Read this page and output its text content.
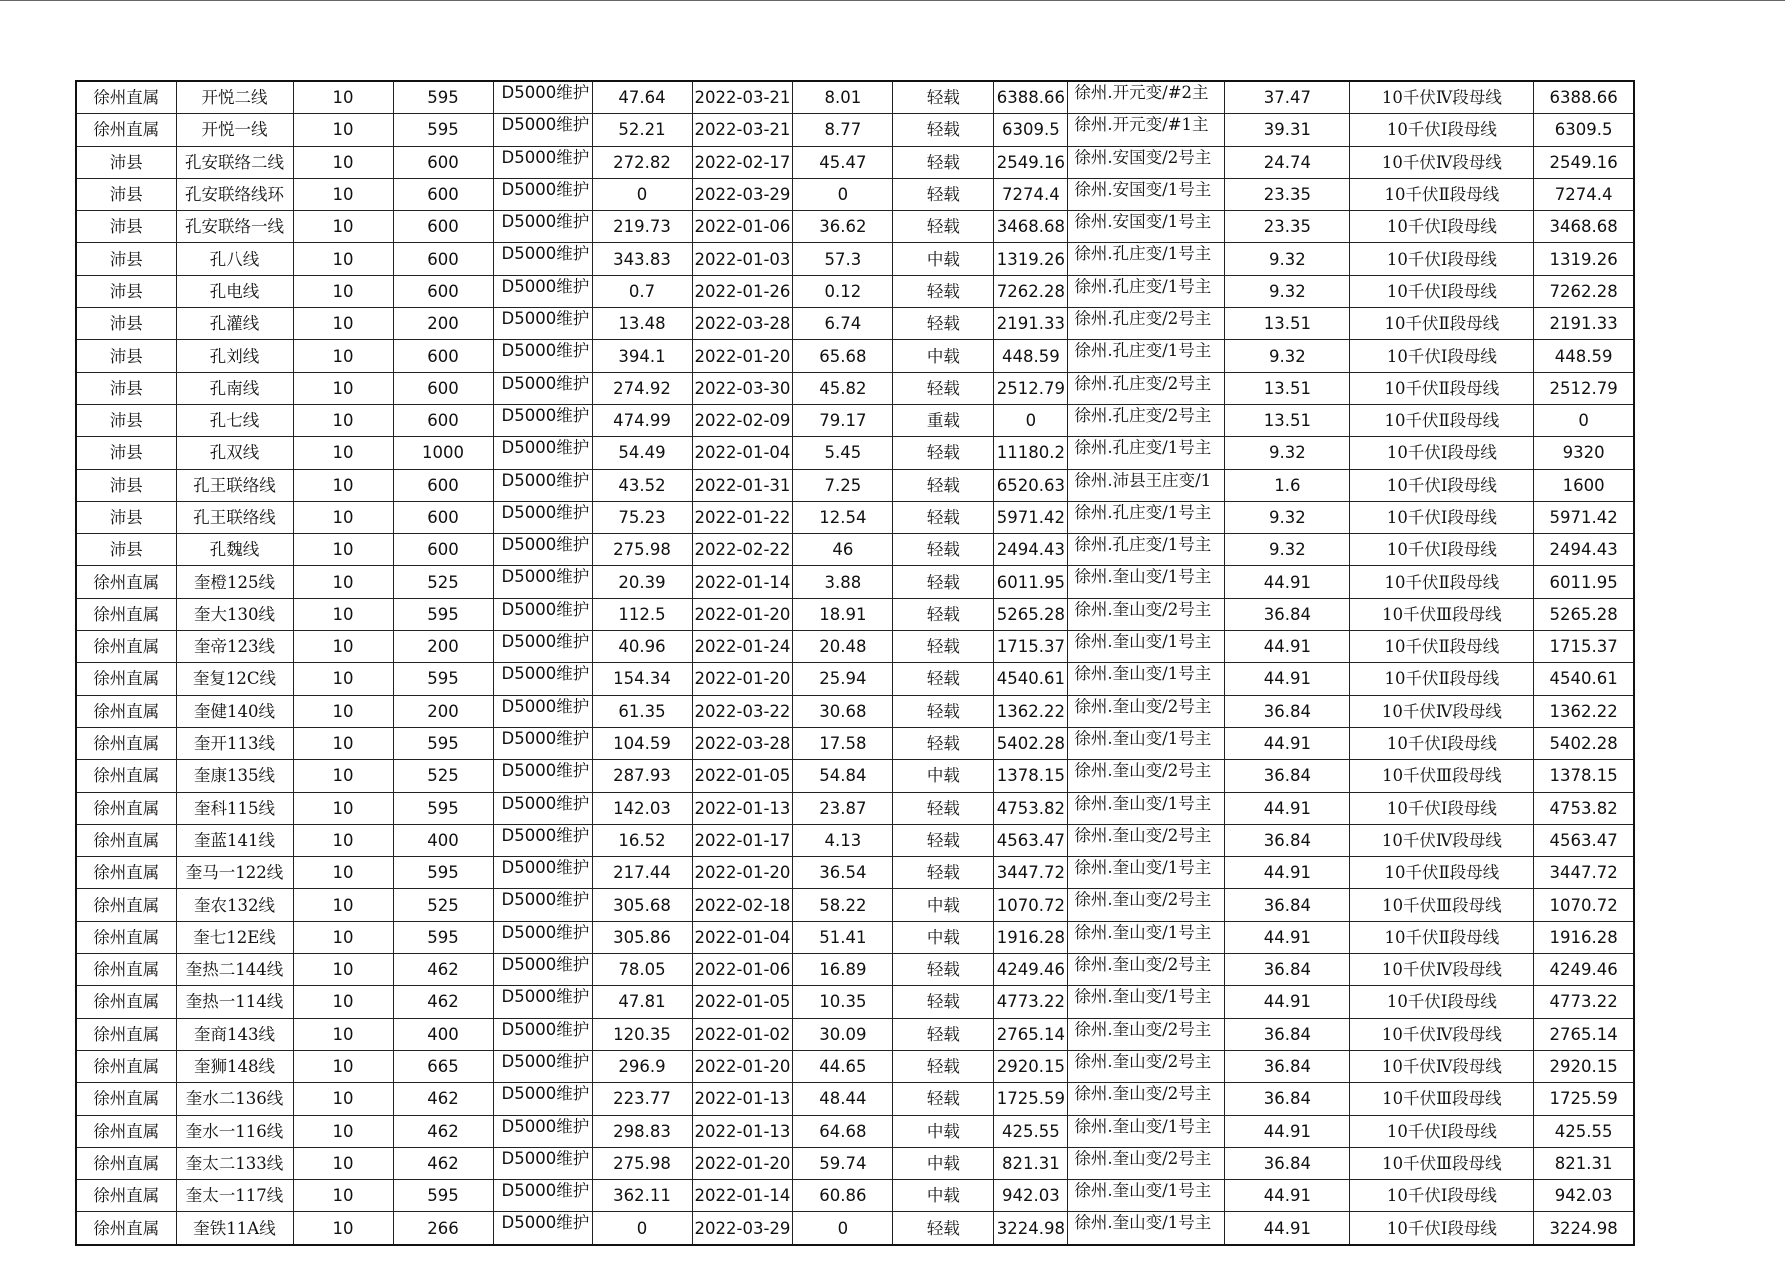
徐州直属	开悦二线	10	595	D5000维护	47.64	2022-03-21	8.01	轻载	6388.66	徐州.开元变/#2主	37.47	10千伏Ⅳ段母线	6388.66
徐州直属	开悦一线	10	595	D5000维护	52.21	2022-03-21	8.77	轻载	6309.5	徐州.开元变/#1主	39.31	10千伏Ⅰ段母线	6309.5
沛县	孔安联络二线	10	600	D5000维护	272.82	2022-02-17	45.47	轻载	2549.16	徐州.安国变/2号主	24.74	10千伏Ⅳ段母线	2549.16
沛县	孔安联络线环	10	600	D5000维护	0	2022-03-29	0	轻载	7274.4	徐州.安国变/1号主	23.35	10千伏Ⅱ段母线	7274.4
沛县	孔安联络一线	10	600	D5000维护	219.73	2022-01-06	36.62	轻载	3468.68	徐州.安国变/1号主	23.35	10千伏Ⅰ段母线	3468.68
沛县	孔八线	10	600	D5000维护	343.83	2022-01-03	57.3	中载	1319.26	徐州.孔庄变/1号主	9.32	10千伏Ⅰ段母线	1319.26
沛县	孔电线	10	600	D5000维护	0.7	2022-01-26	0.12	轻载	7262.28	徐州.孔庄变/1号主	9.32	10千伏Ⅰ段母线	7262.28
沛县	孔灌线	10	200	D5000维护	13.48	2022-03-28	6.74	轻载	2191.33	徐州.孔庄变/2号主	13.51	10千伏Ⅱ段母线	2191.33
沛县	孔刘线	10	600	D5000维护	394.1	2022-01-20	65.68	中载	448.59	徐州.孔庄变/1号主	9.32	10千伏Ⅰ段母线	448.59
沛县	孔南线	10	600	D5000维护	274.92	2022-03-30	45.82	轻载	2512.79	徐州.孔庄变/2号主	13.51	10千伏Ⅱ段母线	2512.79
沛县	孔七线	10	600	D5000维护	474.99	2022-02-09	79.17	重载	0	徐州.孔庄变/2号主	13.51	10千伏Ⅱ段母线	0
沛县	孔双线	10	1000	D5000维护	54.49	2022-01-04	5.45	轻载	11180.2	徐州.孔庄变/1号主	9.32	10千伏Ⅰ段母线	9320
沛县	孔王联络线	10	600	D5000维护	43.52	2022-01-31	7.25	轻载	6520.63	徐州.沛县王庄变/1	1.6	10千伏Ⅰ段母线	1600
沛县	孔王联络线	10	600	D5000维护	75.23	2022-01-22	12.54	轻载	5971.42	徐州.孔庄变/1号主	9.32	10千伏Ⅰ段母线	5971.42
沛县	孔魏线	10	600	D5000维护	275.98	2022-02-22	46	轻载	2494.43	徐州.孔庄变/1号主	9.32	10千伏Ⅰ段母线	2494.43
徐州直属	奎橙125线	10	525	D5000维护	20.39	2022-01-14	3.88	轻载	6011.95	徐州.奎山变/1号主	44.91	10千伏Ⅱ段母线	6011.95
徐州直属	奎大130线	10	595	D5000维护	112.5	2022-01-20	18.91	轻载	5265.28	徐州.奎山变/2号主	36.84	10千伏Ⅲ段母线	5265.28
徐州直属	奎帝123线	10	200	D5000维护	40.96	2022-01-24	20.48	轻载	1715.37	徐州.奎山变/1号主	44.91	10千伏Ⅱ段母线	1715.37
徐州直属	奎复12C线	10	595	D5000维护	154.34	2022-01-20	25.94	轻载	4540.61	徐州.奎山变/1号主	44.91	10千伏Ⅱ段母线	4540.61
徐州直属	奎健140线	10	200	D5000维护	61.35	2022-03-22	30.68	轻载	1362.22	徐州.奎山变/2号主	36.84	10千伏Ⅳ段母线	1362.22
徐州直属	奎开113线	10	595	D5000维护	104.59	2022-03-28	17.58	轻载	5402.28	徐州.奎山变/1号主	44.91	10千伏Ⅰ段母线	5402.28
徐州直属	奎康135线	10	525	D5000维护	287.93	2022-01-05	54.84	中载	1378.15	徐州.奎山变/2号主	36.84	10千伏Ⅲ段母线	1378.15
徐州直属	奎科115线	10	595	D5000维护	142.03	2022-01-13	23.87	轻载	4753.82	徐州.奎山变/1号主	44.91	10千伏Ⅰ段母线	4753.82
徐州直属	奎蓝141线	10	400	D5000维护	16.52	2022-01-17	4.13	轻载	4563.47	徐州.奎山变/2号主	36.84	10千伏Ⅳ段母线	4563.47
徐州直属	奎马一122线	10	595	D5000维护	217.44	2022-01-20	36.54	轻载	3447.72	徐州.奎山变/1号主	44.91	10千伏Ⅱ段母线	3447.72
徐州直属	奎农132线	10	525	D5000维护	305.68	2022-02-18	58.22	中载	1070.72	徐州.奎山变/2号主	36.84	10千伏Ⅲ段母线	1070.72
徐州直属	奎七12E线	10	595	D5000维护	305.86	2022-01-04	51.41	中载	1916.28	徐州.奎山变/1号主	44.91	10千伏Ⅱ段母线	1916.28
徐州直属	奎热二144线	10	462	D5000维护	78.05	2022-01-06	16.89	轻载	4249.46	徐州.奎山变/2号主	36.84	10千伏Ⅳ段母线	4249.46
徐州直属	奎热一114线	10	462	D5000维护	47.81	2022-01-05	10.35	轻载	4773.22	徐州.奎山变/1号主	44.91	10千伏Ⅰ段母线	4773.22
徐州直属	奎商143线	10	400	D5000维护	120.35	2022-01-02	30.09	轻载	2765.14	徐州.奎山变/2号主	36.84	10千伏Ⅳ段母线	2765.14
徐州直属	奎狮148线	10	665	D5000维护	296.9	2022-01-20	44.65	轻载	2920.15	徐州.奎山变/2号主	36.84	10千伏Ⅳ段母线	2920.15
徐州直属	奎水二136线	10	462	D5000维护	223.77	2022-01-13	48.44	轻载	1725.59	徐州.奎山变/2号主	36.84	10千伏Ⅲ段母线	1725.59
徐州直属	奎水一116线	10	462	D5000维护	298.83	2022-01-13	64.68	中载	425.55	徐州.奎山变/1号主	44.91	10千伏Ⅰ段母线	425.55
徐州直属	奎太二133线	10	462	D5000维护	275.98	2022-01-20	59.74	中载	821.31	徐州.奎山变/2号主	36.84	10千伏Ⅲ段母线	821.31
徐州直属	奎太一117线	10	595	D5000维护	362.11	2022-01-14	60.86	中载	942.03	徐州.奎山变/1号主	44.91	10千伏Ⅰ段母线	942.03
徐州直属	奎铁11A线	10	266	D5000维护	0	2022-03-29	0	轻载	3224.98	徐州.奎山变/1号主	44.91	10千伏Ⅰ段母线	3224.98
